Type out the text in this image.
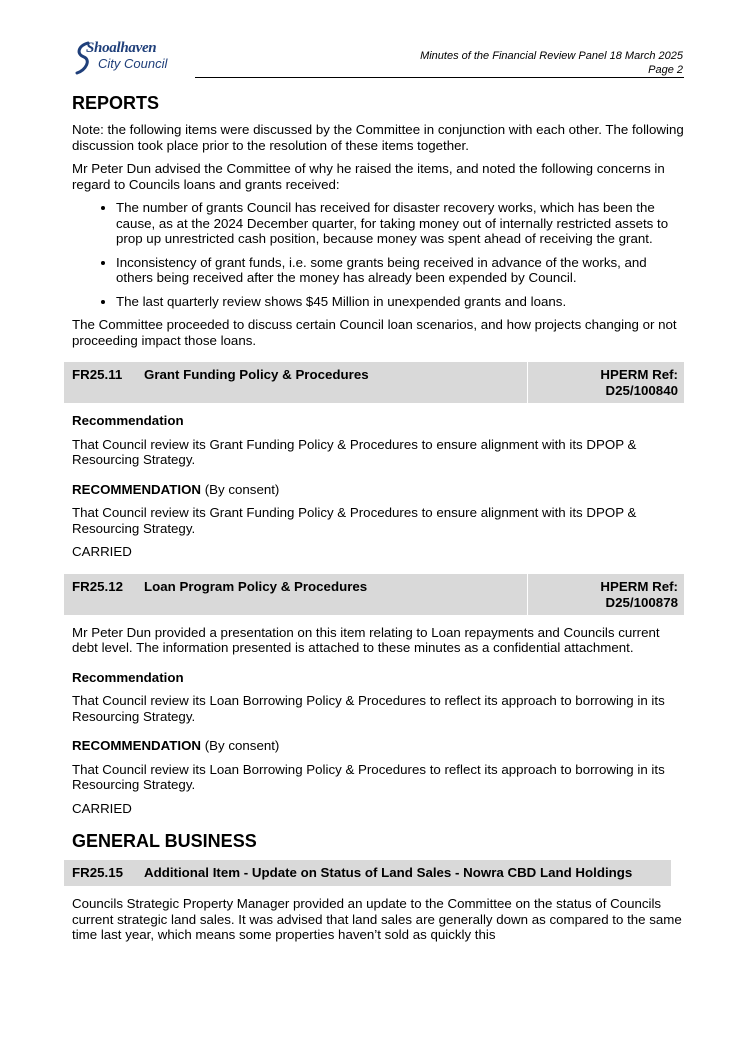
Shoalhaven
City Council	Minutes of the Financial Review Panel 18 March 2025
Page 2
REPORTS

Note: the following items were discussed by the Committee in conjunction with each other. The following discussion took place prior to the resolution of these items together.

Mr Peter Dun advised the Committee of why he raised the items, and noted the following concerns in regard to Councils loans and grants received:

• The number of grants Council has received for disaster recovery works, which has been the cause, as at the 2024 December quarter, for taking money out of internally restricted assets to prop up unrestricted cash position, because money was spent ahead of receiving the grant.
• Inconsistency of grant funds, i.e. some grants being received in advance of the works, and others being received after the money has already been expended by Council.
• The last quarterly review shows $45 Million in unexpended grants and loans.

The Committee proceeded to discuss certain Council loan scenarios, and how projects changing or not proceeding impact those loans.

FR25.11	Grant Funding Policy & Procedures	HPERM Ref:
D25/100840

Recommendation

That Council review its Grant Funding Policy & Procedures to ensure alignment with its DPOP & Resourcing Strategy.

RECOMMENDATION (By consent)

That Council review its Grant Funding Policy & Procedures to ensure alignment with its DPOP & Resourcing Strategy.

CARRIED

FR25.12	Loan Program Policy & Procedures	HPERM Ref:
D25/100878

Mr Peter Dun provided a presentation on this item relating to Loan repayments and Councils current debt level. The information presented is attached to these minutes as a confidential attachment.

Recommendation

That Council review its Loan Borrowing Policy & Procedures to reflect its approach to borrowing in its Resourcing Strategy.

RECOMMENDATION (By consent)

That Council review its Loan Borrowing Policy & Procedures to reflect its approach to borrowing in its Resourcing Strategy.

CARRIED

GENERAL BUSINESS
FR25.15	Additional Item - Update on Status of Land Sales - Nowra CBD Land Holdings

Councils Strategic Property Manager provided an update to the Committee on the status of Councils current strategic land sales. It was advised that land sales are generally down as compared to the same time last year, which means some properties haven’t sold as quickly this
